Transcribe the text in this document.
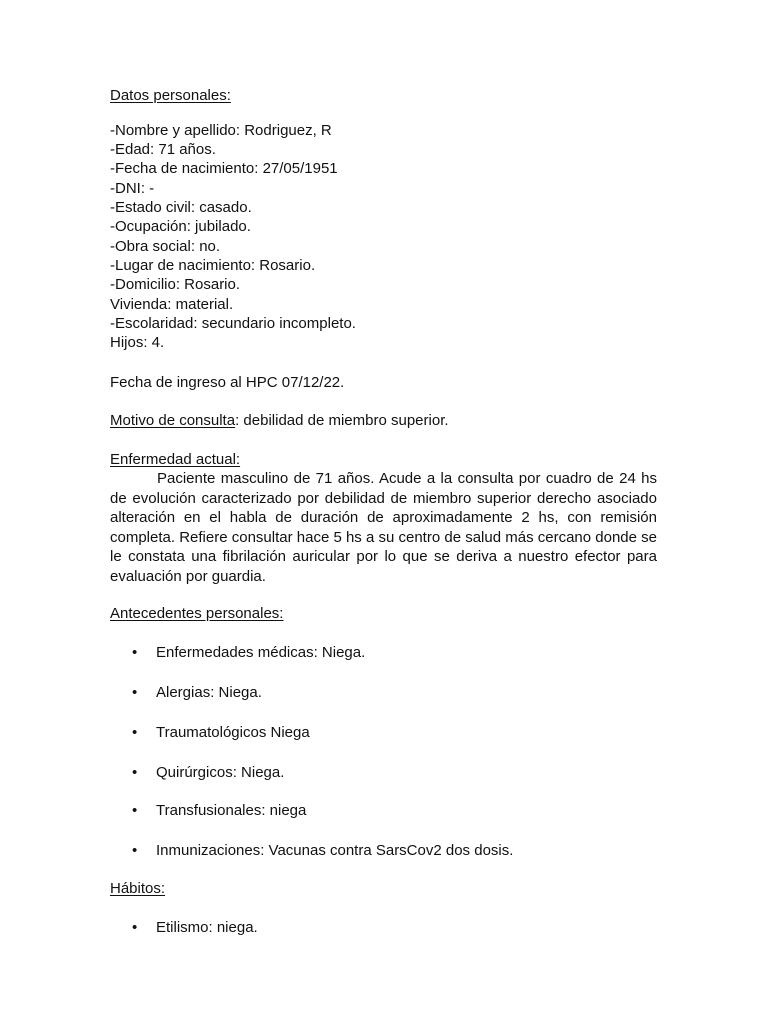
Datos personales:
-Nombre y apellido: Rodriguez, R
-Edad: 71 años.
-Fecha de nacimiento: 27/05/1951
-DNI: -
-Estado civil: casado.
-Ocupación: jubilado.
-Obra social: no.
-Lugar de nacimiento: Rosario.
-Domicilio: Rosario.
Vivienda: material.
-Escolaridad: secundario incompleto.
Hijos: 4.
Fecha de ingreso al HPC 07/12/22.
Motivo de consulta: debilidad de miembro superior.
Enfermedad actual:
Paciente masculino de 71 años. Acude a la consulta por cuadro de 24 hs de evolución caracterizado por debilidad de miembro superior derecho asociado alteración en el habla de duración de aproximadamente 2 hs, con remisión completa. Refiere consultar hace 5 hs a su centro de salud más cercano donde se le constata una fibrilación auricular por lo que se deriva a nuestro efector para evaluación por guardia.
Antecedentes personales:
• Enfermedades médicas: Niega.
• Alergias: Niega.
• Traumatológicos Niega
• Quirúrgicos: Niega.
• Transfusionales: niega
• Inmunizaciones: Vacunas contra SarsCov2 dos dosis.
Hábitos:
• Etilismo: niega.
